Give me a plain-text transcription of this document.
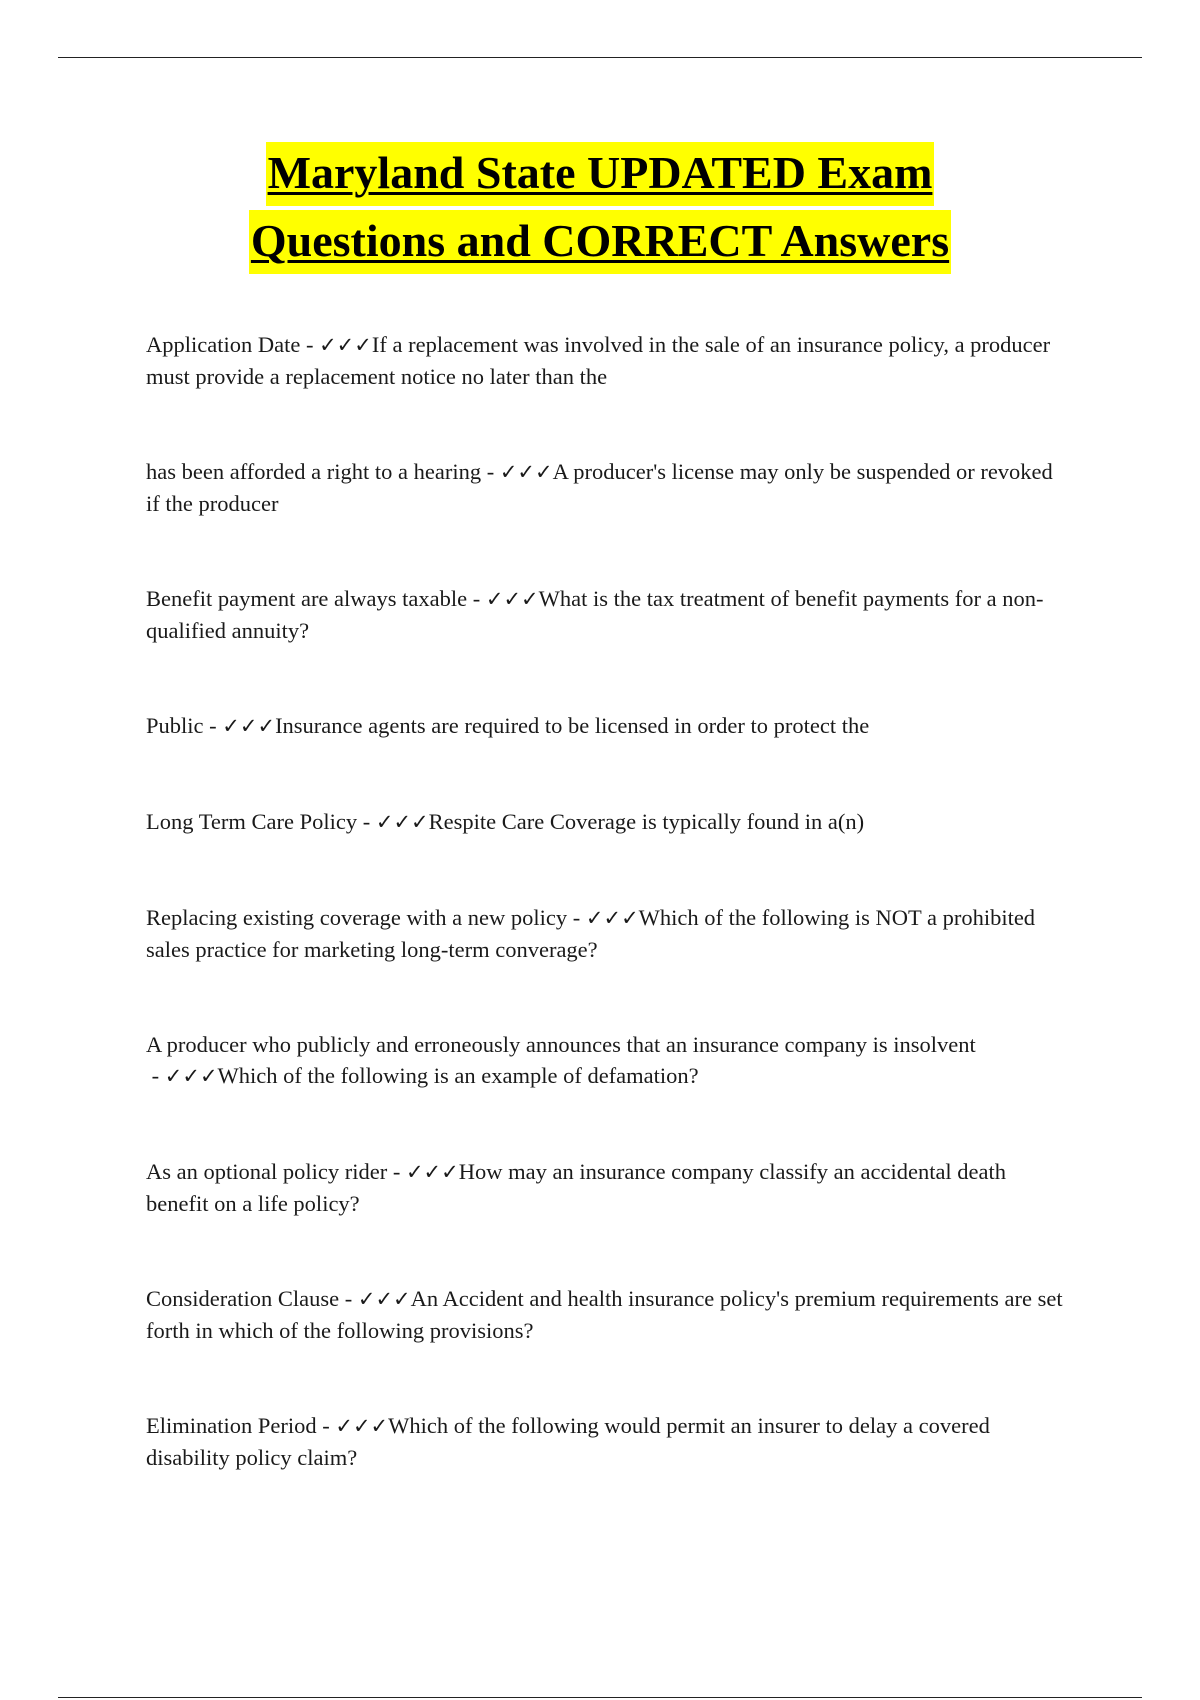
Maryland State UPDATED Exam
Questions and CORRECT Answers

Application Date - ✓✓✓If a replacement was involved in the sale of an insurance policy, a producer must provide a replacement notice no later than the

has been afforded a right to a hearing - ✓✓✓A producer's license may only be suspended or revoked if the producer

Benefit payment are always taxable - ✓✓✓What is the tax treatment of benefit payments for a non-qualified annuity?

Public - ✓✓✓Insurance agents are required to be licensed in order to protect the

Long Term Care Policy - ✓✓✓Respite Care Coverage is typically found in a(n)

Replacing existing coverage with a new policy - ✓✓✓Which of the following is NOT a prohibited sales practice for marketing long-term converage?

A producer who publicly and erroneously announces that an insurance company is insolvent - ✓✓✓Which of the following is an example of defamation?

As an optional policy rider - ✓✓✓How may an insurance company classify an accidental death benefit on a life policy?

Consideration Clause - ✓✓✓An Accident and health insurance policy's premium requirements are set forth in which of the following provisions?

Elimination Period - ✓✓✓Which of the following would permit an insurer to delay a covered disability policy claim?
